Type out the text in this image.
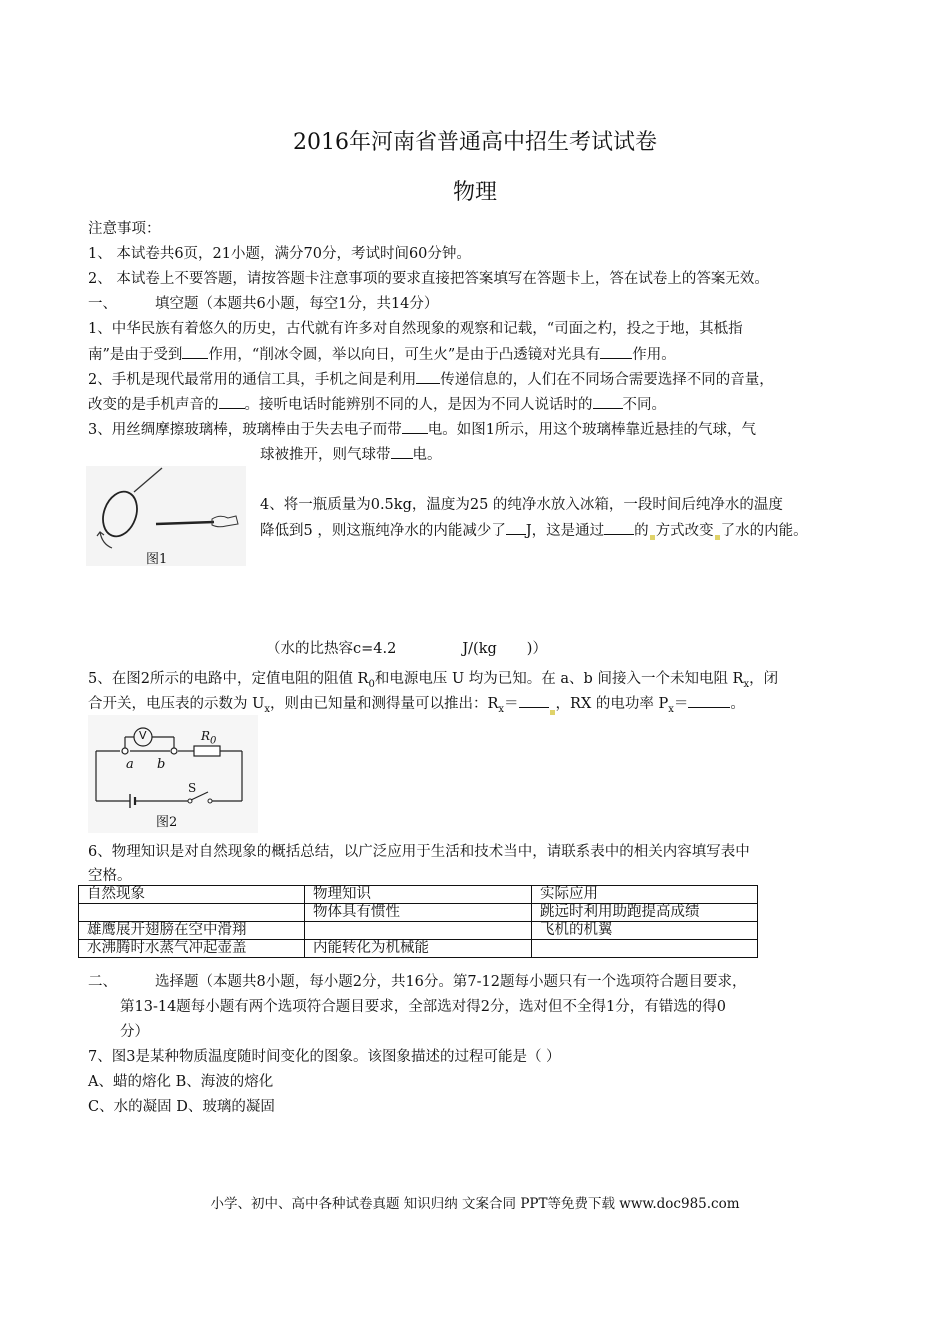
2016年河南省普通高中招生考试试卷
物理
注意事项：
1、 本试卷共6页，21小题，满分70分，考试时间60分钟。
2、 本试卷上不要答题，请按答题卡注意事项的要求直接把答案填写在答题卡上，答在试卷上的答案无效。
一、	填空题（本题共6小题，每空1分，共14分）
1、中华民族有着悠久的历史，古代就有许多对自然现象的观察和记载，“司面之杓，投之于地，其柢指
南”是由于受到 作用，“削冰令圆，举以向日，可生火”是由于凸透镜对光具有 作用。
2、手机是现代最常用的通信工具，手机之间是利用 传递信息的，人们在不同场合需要选择不同的音量，
改变的是手机声音的 。接听电话时能辨别不同的人，是因为不同人说话时的 不同。
3、用丝绸摩擦玻璃棒，玻璃棒由于失去电子而带 电。如图1所示，用这个玻璃棒靠近悬挂的气球，气
球被推开，则气球带 电。
图1
4、将一瓶质量为0.5kg，温度为25 的纯净水放入冰箱，一段时间后纯净水的温度
降低到5 ，则这瓶纯净水的内能减少了 J，这是通过 的 方式改变 了水的内能。
（水的比热容c=4.2	J/(kg )）
5、在图2所示的电路中，定值电阻的阻值 $R_0$和电源电压 U 均为已知。在 a、b 间接入一个未知电阻 $R_x$，闭
合开关，电压表的示数为 $U_x$，则由已知量和测得量可以推出：$R_x=$	，RX 的电功率 $P_x=$	。
V	$R_0$
a b
S
图2
6、物理知识是对自然现象的概括总结，以广泛应用于生活和技术当中，请联系表中的相关内容填写表中
空格。
自然现象	物理知识	实际应用
	物体具有惯性	跳远时利用助跑提高成绩
雄鹰展开翅膀在空中滑翔		飞机的机翼
水沸腾时水蒸气冲起壶盖	内能转化为机械能	
二、	选择题（本题共8小题，每小题2分，共16分。第7-12题每小题只有一个选项符合题目要求，
第13-14题每小题有两个选项符合题目要求，全部选对得2分，选对但不全得1分，有错选的得0
分）
7、图3是某种物质温度随时间变化的图象。该图象描述的过程可能是（ ）
A、蜡的熔化 B、海波的熔化
C、水的凝固 D、玻璃的凝固
小学、初中、高中各种试卷真题 知识归纳 文案合同 PPT等免费下载 www.doc985.com
